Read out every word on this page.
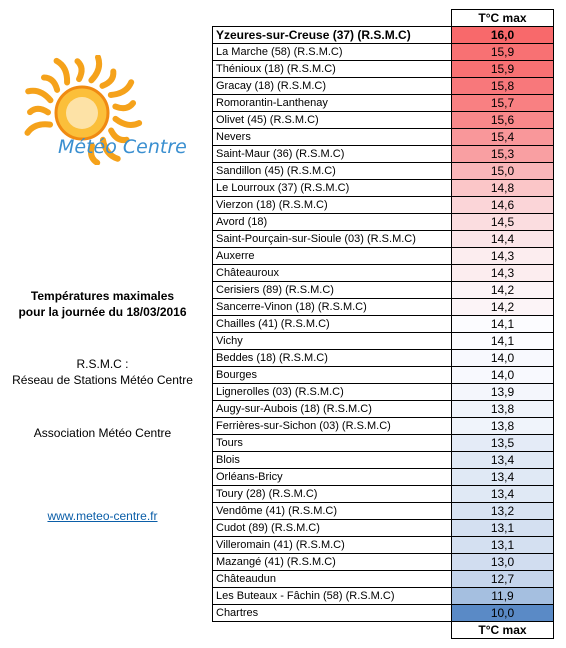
Météo Centre
Températures maximales
pour la journée du 18/03/2016
R.S.M.C :
Réseau de Stations Météo Centre
Association Météo Centre
www.meteo-centre.fr
	T°C max
Yzeures-sur-Creuse (37) (R.S.M.C)	16,0
La Marche (58) (R.S.M.C)	15,9
Thénioux (18) (R.S.M.C)	15,9
Gracay (18) (R.S.M.C)	15,8
Romorantin-Lanthenay	15,7
Olivet (45) (R.S.M.C)	15,6
Nevers	15,4
Saint-Maur (36) (R.S.M.C)	15,3
Sandillon (45) (R.S.M.C)	15,0
Le Lourroux (37) (R.S.M.C)	14,8
Vierzon (18) (R.S.M.C)	14,6
Avord (18)	14,5
Saint-Pourçain-sur-Sioule (03) (R.S.M.C)	14,4
Auxerre	14,3
Châteauroux	14,3
Cerisiers (89) (R.S.M.C)	14,2
Sancerre-Vinon (18) (R.S.M.C)	14,2
Chailles (41) (R.S.M.C)	14,1
Vichy	14,1
Beddes (18) (R.S.M.C)	14,0
Bourges	14,0
Lignerolles (03) (R.S.M.C)	13,9
Augy-sur-Aubois (18) (R.S.M.C)	13,8
Ferrières-sur-Sichon (03) (R.S.M.C)	13,8
Tours	13,5
Blois	13,4
Orléans-Bricy	13,4
Toury (28) (R.S.M.C)	13,4
Vendôme (41) (R.S.M.C)	13,2
Cudot (89) (R.S.M.C)	13,1
Villeromain (41) (R.S.M.C)	13,1
Mazangé (41) (R.S.M.C)	13,0
Châteaudun	12,7
Les Buteaux - Fâchin (58) (R.S.M.C)	11,9
Chartres	10,0
	T°C max
